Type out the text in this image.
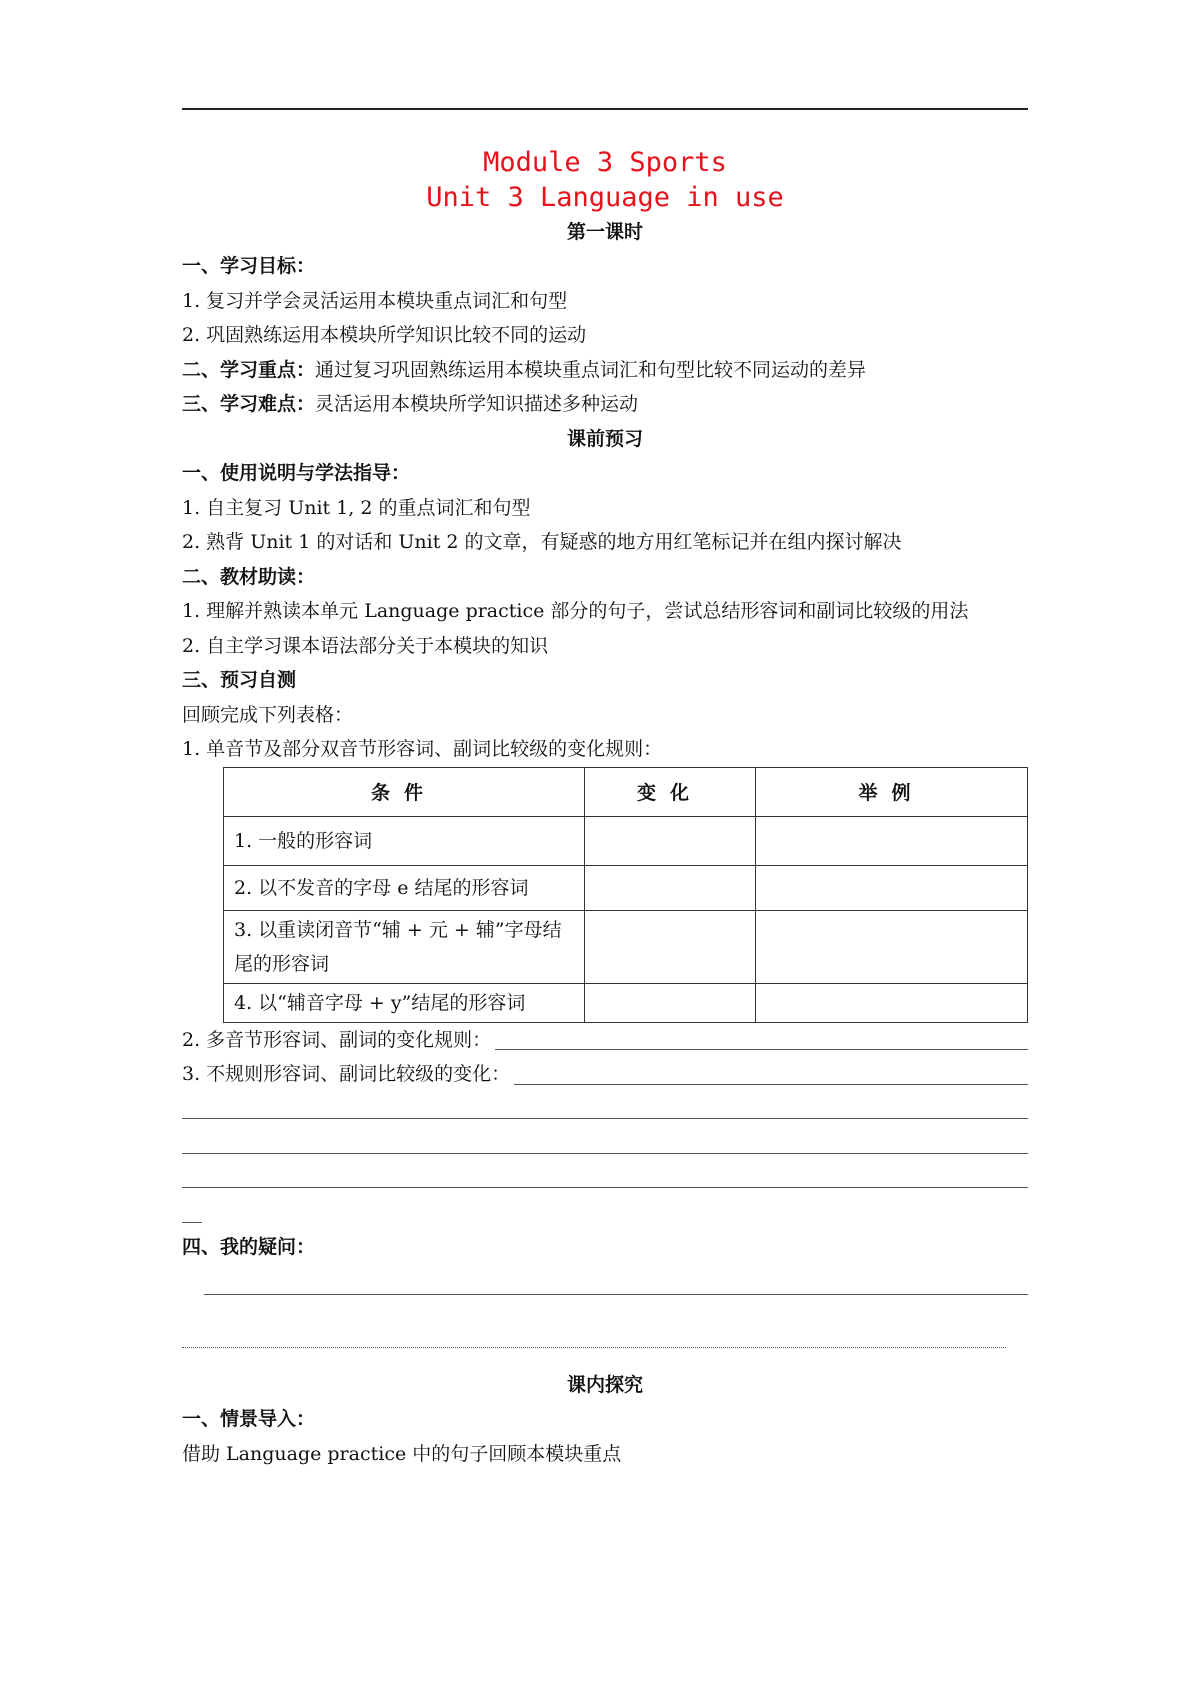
Module 3 Sports

Unit 3 Language in use

第一课时

一、学习目标：

1. 复习并学会灵活运用本模块重点词汇和句型

2. 巩固熟练运用本模块所学知识比较不同的运动

二、学习重点：通过复习巩固熟练运用本模块重点词汇和句型比较不同运动的差异

三、学习难点：灵活运用本模块所学知识描述多种运动

课前预习

一、使用说明与学法指导：

1. 自主复习 Unit 1, 2 的重点词汇和句型

2. 熟背 Unit 1 的对话和 Unit 2 的文章，有疑惑的地方用红笔标记并在组内探讨解决

二、教材助读：

1. 理解并熟读本单元 Language practice 部分的句子，尝试总结形容词和副词比较级的用法

2. 自主学习课本语法部分关于本模块的知识

三、预习自测

回顾完成下列表格：

1. 单音节及部分双音节形容词、副词比较级的变化规则：

条件	变化	举例
1. 一般的形容词		
2. 以不发音的字母 e 结尾的形容词		
3. 以重读闭音节“辅 + 元 + 辅”字母结尾的形容词		
4. 以“辅音字母 + y”结尾的形容词		
2. 多音节形容词、副词的变化规则：
3. 不规则形容词、副词比较级的变化：

四、我的疑问：

课内探究

一、情景导入：

借助 Language practice 中的句子回顾本模块重点
